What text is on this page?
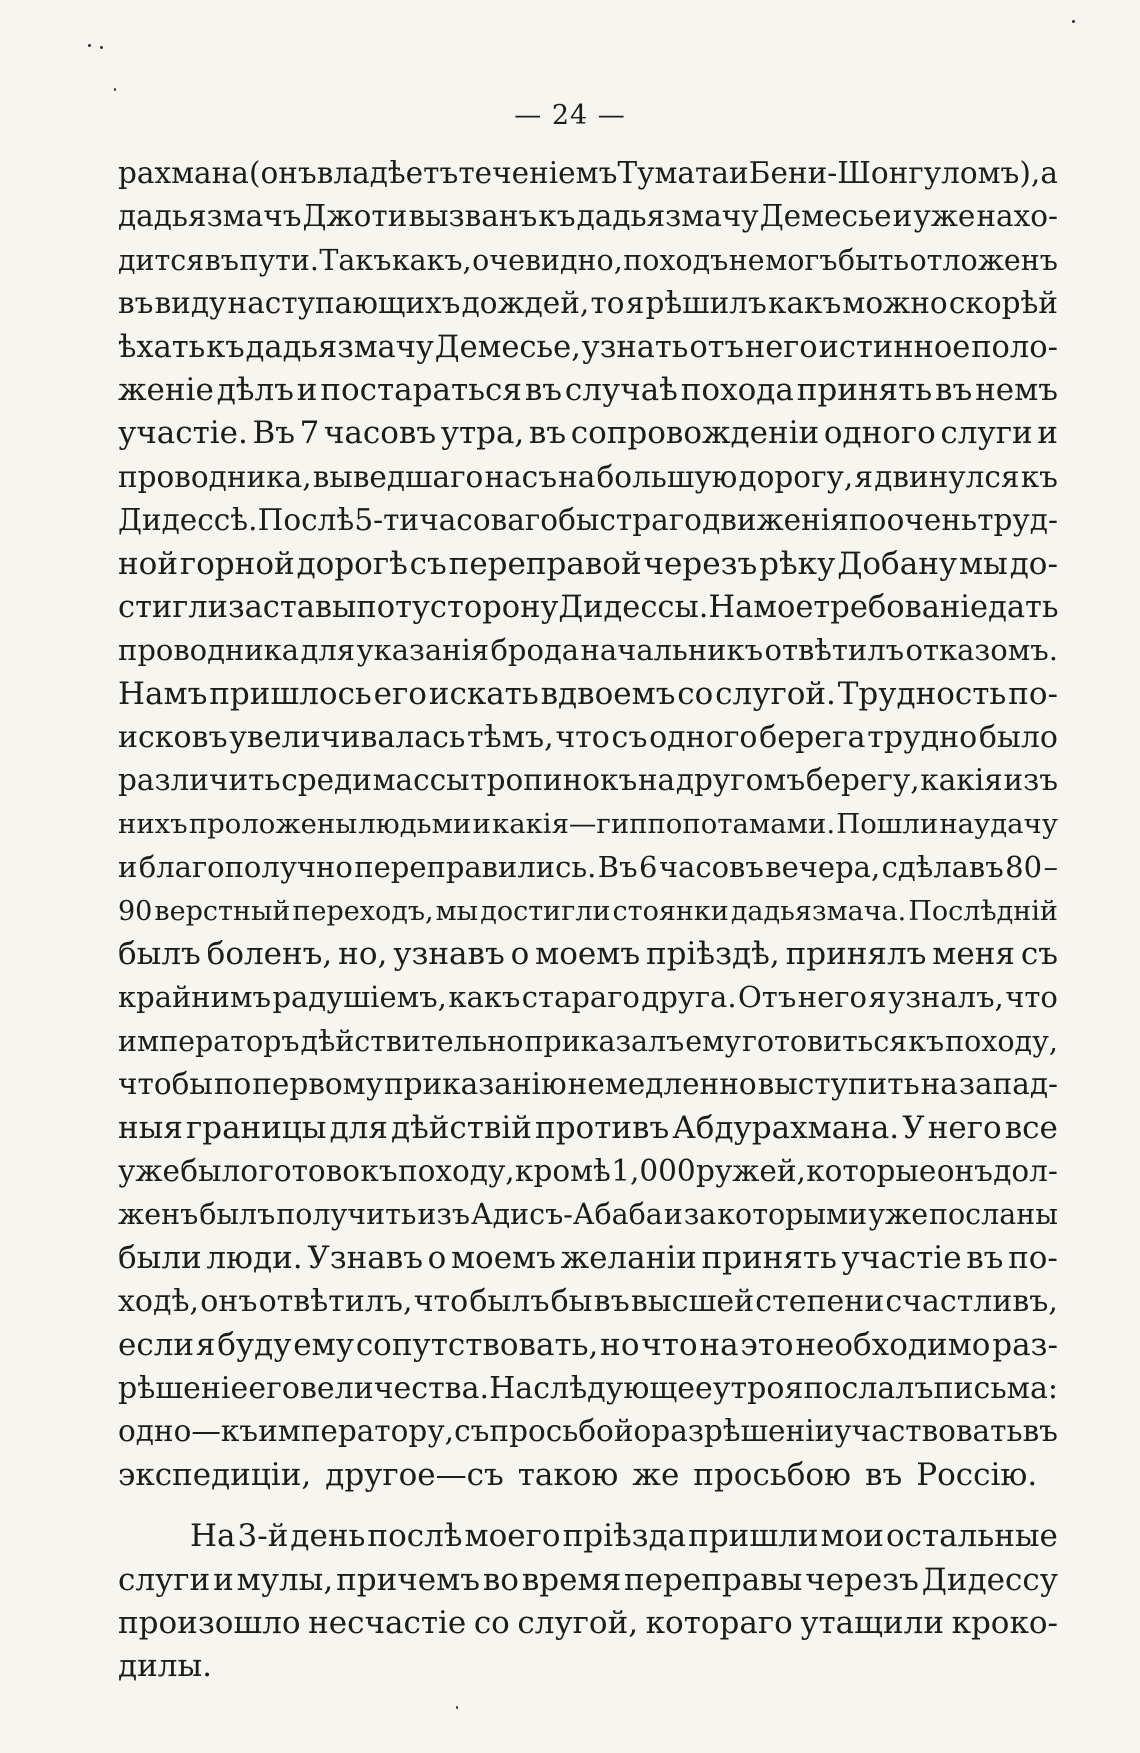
— 24 —
рахмана (онъ владѣетъ теченіемъ Тумата и Бени-Шонгуломъ), а
дадьязмачъ Джоти вызванъ къ дадьязмачу Демесье и уже нахо-
дится въ пути. Такъ какъ, очевидно, походъ не могъ быть отложенъ
въ виду наступающихъ дождей, то я рѣшилъ какъ можно скорѣй
ѣхать къ дадьязмачу Демесье, узнать отъ него истинное поло-
женіе дѣлъ и постараться въ случаѣ похода принять въ немъ
участіе. Въ 7 часовъ утра, въ сопровожденіи одного слуги и
проводника, выведшаго насъ на большую дорогу, я двинулся къ
Дидессѣ. Послѣ 5-ти часоваго быстраго движенія по очень труд-
ной горной дорогѣ съ переправой черезъ рѣку Добану мы до-
стигли заставы по ту сторону Дидессы. На мое требованіе дать
проводника для указанія брода начальникъ отвѣтилъ отказомъ.
Намъ пришлось его искать вдвоемъ со слугой. Трудность по-
исковъ увеличивалась тѣмъ, что съ одного берега трудно было
различить среди массы тропинокъ на другомъ берегу, какія изъ
нихъ проложены людьми и какія—гиппопотамами. Пошли наудачу
и благополучно переправились. Въ 6 часовъ вечера, сдѣлавъ 80 –
90 верстный переходъ, мы достигли стоянки дадьязмача. Послѣдній
былъ боленъ, но, узнавъ о моемъ пріѣздѣ, принялъ меня съ
крайнимъ радушіемъ, какъ стараго друга. Отъ него я узналъ, что
императоръ дѣйствительно приказалъ ему готовиться къ походу,
чтобы по первому приказанію немедленно выступить на запад-
ныя границы для дѣйствій противъ Абдурахмана. У него все
уже было готово къ походу, кромѣ 1,000 ружей, которые онъ дол-
женъ былъ получить изъ Адисъ-Абаба и за которыми уже посланы
были люди. Узнавъ о моемъ желаніи принять участіе въ по-
ходѣ, онъ отвѣтилъ, что былъ бы въ высшей степени счастливъ,
если я буду ему сопутствовать, но что на это необходимо раз-
рѣшеніе его величества. На слѣдующее утро я послалъ письма:
одно—къ императору, съ просьбой о разрѣшеніи участвовать въ
экспедиціи, другое—съ такою же просьбою въ Россію.
На 3-й день послѣ моего пріѣзда пришли мои остальные
слуги и мулы, причемъ во время переправы черезъ Дидессу
произошло несчастіе со слугой, котораго утащили кроко-
дилы.
